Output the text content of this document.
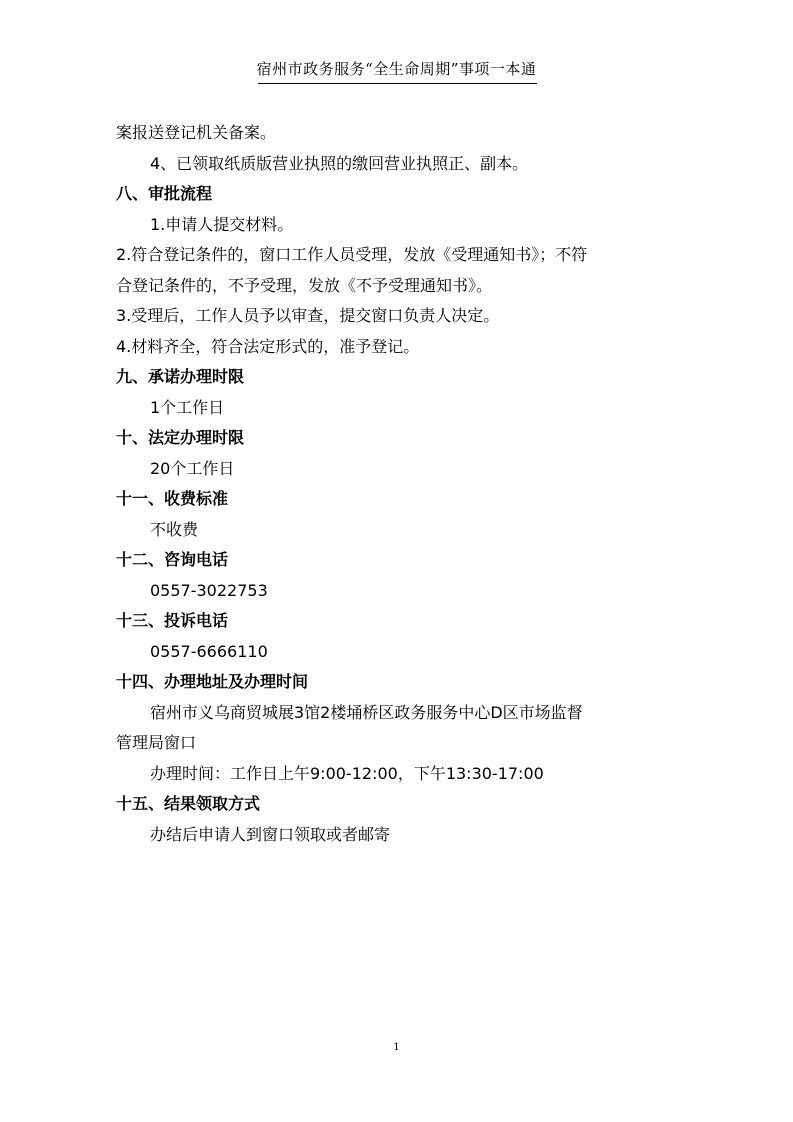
宿州市政务服务“全生命周期”事项一本通
案报送登记机关备案。
4、已领取纸质版营业执照的缴回营业执照正、副本。
八、审批流程
1.申请人提交材料。
2.符合登记条件的，窗口工作人员受理，发放《受理通知书》；不符
合登记条件的，不予受理，发放《不予受理通知书》。
3.受理后，工作人员予以审查，提交窗口负责人决定。
4.材料齐全，符合法定形式的，准予登记。
九、承诺办理时限
1个工作日
十、法定办理时限
20个工作日
十一、收费标准
不收费
十二、咨询电话
0557-3022753
十三、投诉电话
0557-6666110
十四、办理地址及办理时间
宿州市义乌商贸城展3馆2楼埇桥区政务服务中心D区市场监督
管理局窗口
办理时间：工作日上午9:00-12:00，下午13:30-17:00
十五、结果领取方式
办结后申请人到窗口领取或者邮寄
1
